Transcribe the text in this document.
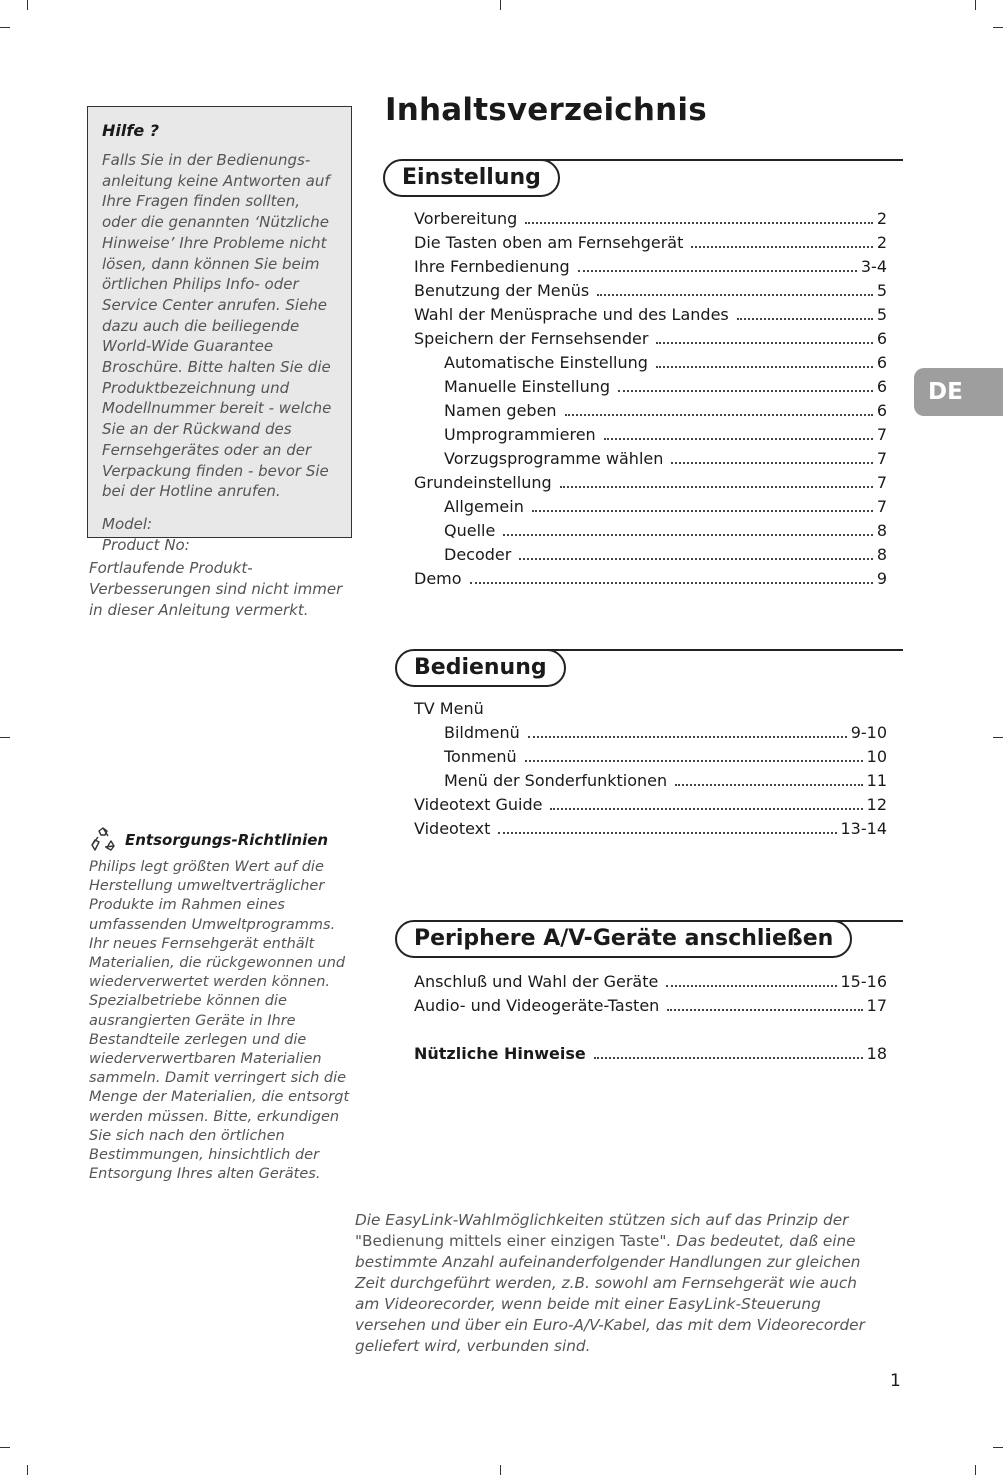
Hilfe ?

Falls Sie in der Bedienungs-anleitung keine Antworten auf Ihre Fragen finden sollten, oder die genannten ‘Nützliche Hinweise’ Ihre Probleme nicht lösen, dann können Sie beim örtlichen Philips Info- oder Service Center anrufen. Siehe dazu auch die beiliegende World-Wide Guarantee Broschüre. Bitte halten Sie die Produktbezeichnung und Modellnummer bereit - welche Sie an der Rückwand des Fernsehgerätes oder an der Verpackung finden - bevor Sie bei der Hotline anrufen.

Model:
Product No:
Fortlaufende Produkt-Verbesserungen sind nicht immer in dieser Anleitung vermerkt.
Entsorgungs-Richtlinien
Philips legt größten Wert auf die Herstellung umweltverträglicher Produkte im Rahmen eines umfassenden Umweltprogramms. Ihr neues Fernsehgerät enthält Materialien, die rückgewonnen und wiederverwertet werden können. Spezialbetriebe können die ausrangierten Geräte in Ihre Bestandteile zerlegen und die wiederverwertbaren Materialien sammeln. Damit verringert sich die Menge der Materialien, die entsorgt werden müssen. Bitte, erkundigen Sie sich nach den örtlichen Bestimmungen, hinsichtlich der Entsorgung Ihres alten Gerätes.
Inhaltsverzeichnis
DE
Einstellung
Vorbereitung	2
Die Tasten oben am Fernsehgerät	2
Ihre Fernbedienung	3-4
Benutzung der Menüs	5
Wahl der Menüsprache und des Landes	5
Speichern der Fernsehsender	6
Automatische Einstellung	6
Manuelle Einstellung	6
Namen geben	6
Umprogrammieren	7
Vorzugsprogramme wählen	7
Grundeinstellung	7
Allgemein	7
Quelle	8
Decoder	8
Demo	9
Bedienung
TV Menü
Bildmenü	9-10
Tonmenü	10
Menü der Sonderfunktionen	11
Videotext Guide	12
Videotext	13-14
Periphere A/V-Geräte anschließen
Anschluß und Wahl der Geräte	15-16
Audio- und Videogeräte-Tasten	17
Nützliche Hinweise	18
Die EasyLink-Wahlmöglichkeiten stützen sich auf das Prinzip der "Bedienung mittels einer einzigen Taste". Das bedeutet, daß eine bestimmte Anzahl aufeinanderfolgender Handlungen zur gleichen Zeit durchgeführt werden, z.B. sowohl am Fernsehgerät wie auch am Videorecorder, wenn beide mit einer EasyLink-Steuerung versehen und über ein Euro-A/V-Kabel, das mit dem Videorecorder geliefert wird, verbunden sind.
1
